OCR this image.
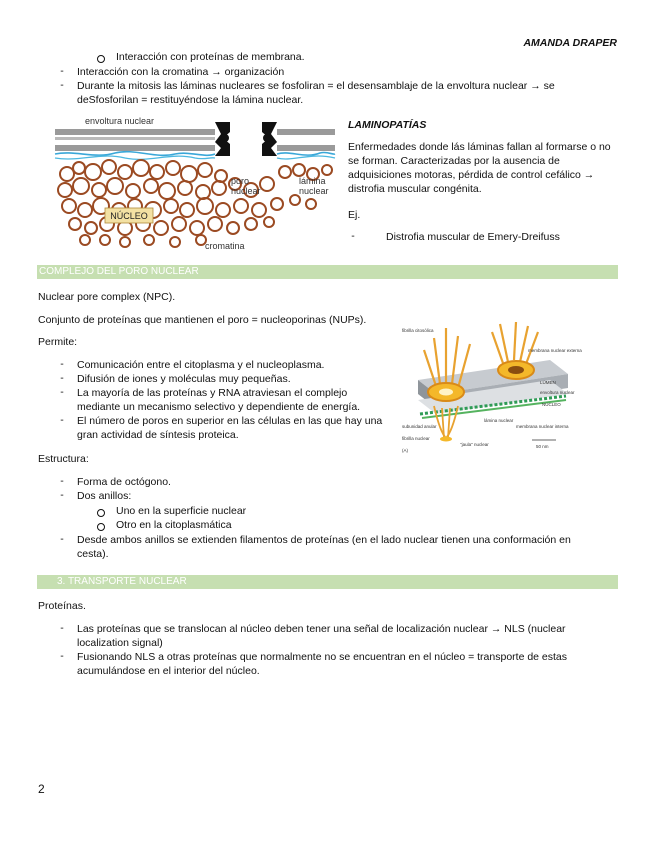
AMANDA DRAPER
Interacción con proteínas de membrana.
-	Interacción con la cromatina → organización
-	Durante la mitosis las láminas nucleares se fosfoliran = el desensamblaje de la envoltura nuclear → se
deSfosforilan = restituyéndose la lámina nuclear.
NÚCLEO
envoltura nuclear
poro
nuclear
lámina
nuclear
cromatina
LAMINOPATÍAS
Enfermedades donde lás láminas fallan al formarse o no
se forman. Caracterizadas por la ausencia de
adquisiciones motoras, pérdida de control cefálico →
distrofia muscular congénita.
Ej.
-	Distrofia muscular de Emery-Dreifuss
COMPLEJO DEL PORO NUCLEAR
Nuclear pore complex (NPC).
Conjunto de proteínas que mantienen el poro = nucleoporinas (NUPs).
Permite:
-	Comunicación entre el citoplasma y el nucleoplasma.
-	Difusión de iones y moléculas muy pequeñas.
-	La mayoría de las proteínas y RNA atraviesan el complejo
mediante un mecanismo selectivo y dependiente de energía.
-	El número de poros en superior en las células en las que hay una
gran actividad de síntesis proteica.
fibrilla citosólica
membrana nuclear externa
LÚMEN
envoltura nuclear
NÚCLEO
subunidad anular
lámina nuclear
membrana nuclear interna
fibrilla nuclear
"jaula" nuclear	50 nm
(A)
Estructura:
-	Forma de octógono.
-	Dos anillos:
Uno en la superficie nuclear
Otro en la citoplasmática
-	Desde ambos anillos se extienden filamentos de proteínas (en el lado nuclear tienen una conformación en
cesta).
3. TRANSPORTE NUCLEAR
Proteínas.
-	Las proteínas que se translocan al núcleo deben tener una señal de localización nuclear → NLS (nuclear
localization signal)
-	Fusionando NLS a otras proteínas que normalmente no se encuentran en el núcleo = transporte de estas
acumulándose en el interior del núcleo.
2
